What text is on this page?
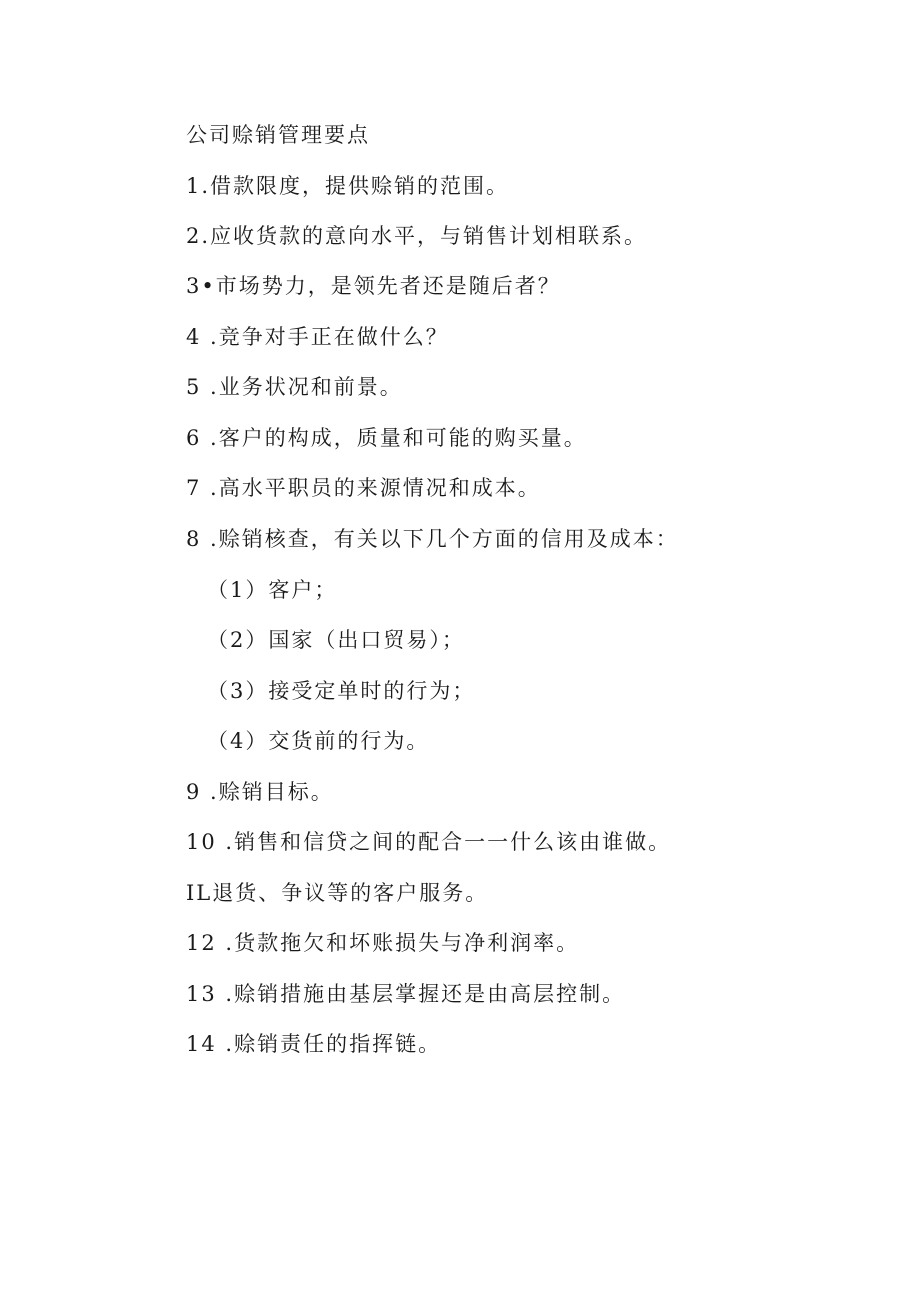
公司赊销管理要点
1.借款限度，提供赊销的范围。
2.应收货款的意向水平，与销售计划相联系。
3•市场势力，是领先者还是随后者？
4 .竞争对手正在做什么？
5 .业务状况和前景。
6 .客户的构成，质量和可能的购买量。
7 .高水平职员的来源情况和成本。
8 .赊销核查，有关以下几个方面的信用及成本：
（1）客户；
（2）国家（出口贸易）；
（3）接受定单时的行为；
（4）交货前的行为。
9 .赊销目标。
10 .销售和信贷之间的配合一一什么该由谁做。
IL退货、争议等的客户服务。
12 .货款拖欠和坏账损失与净利润率。
13 .赊销措施由基层掌握还是由高层控制。
14 .赊销责任的指挥链。
